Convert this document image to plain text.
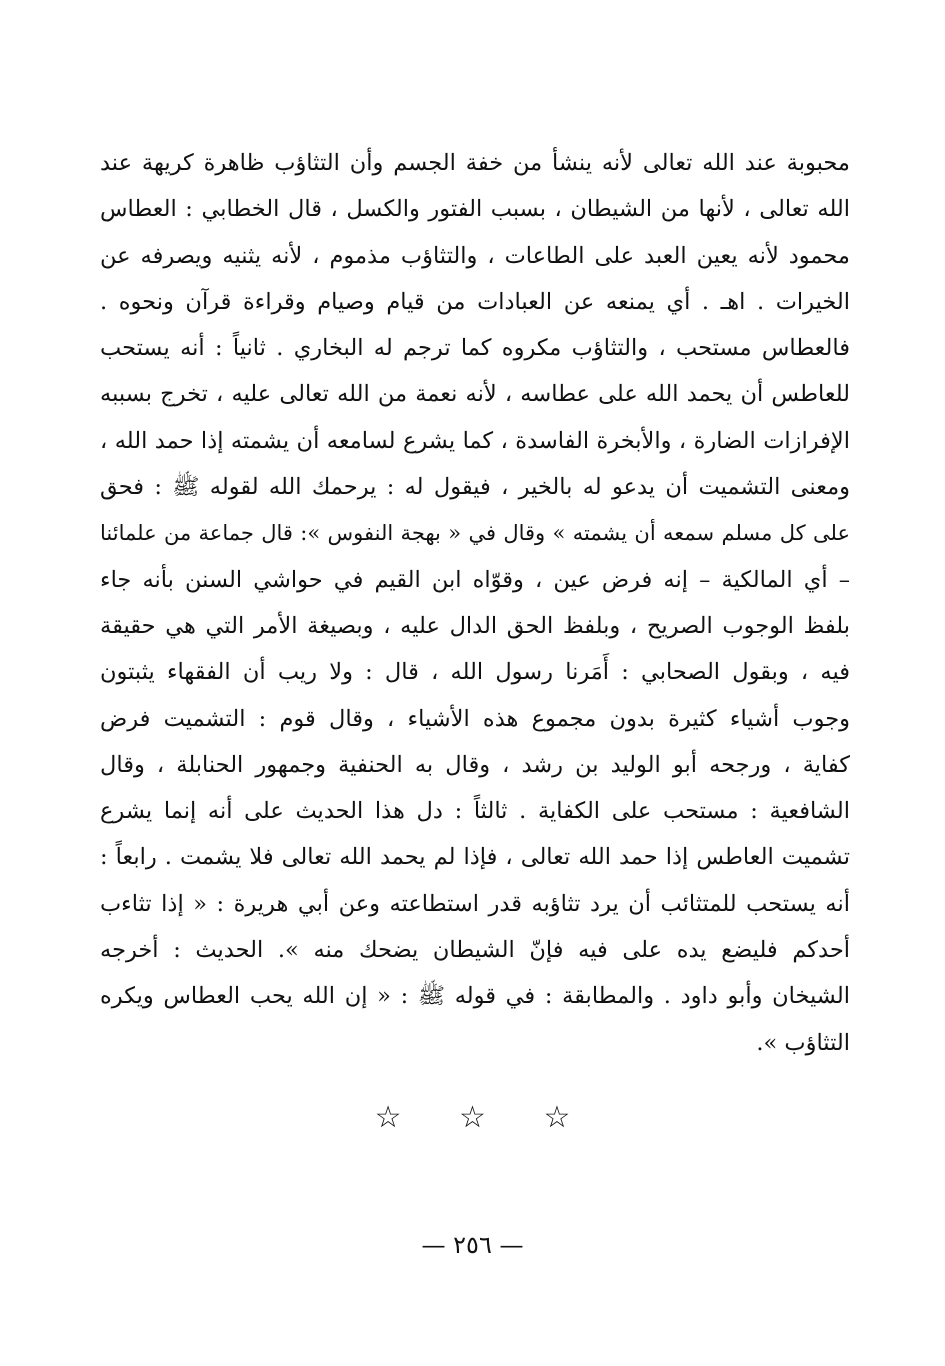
محبوبة عند الله تعالى لأنه ينشأ من خفة الجسم وأن التثاؤب ظاهرة كريهة عند
الله تعالى ، لأنها من الشيطان ، بسبب الفتور والكسل ، قال الخطابي : العطاس
محمود لأنه يعين العبد على الطاعات ، والتثاؤب مذموم ، لأنه يثنيه ويصرفه عن
الخيرات . اهـ . أي يمنعه عن العبادات من قيام وصيام وقراءة قرآن ونحوه .
فالعطاس مستحب ، والتثاؤب مكروه كما ترجم له البخاري . ثانياً : أنه يستحب
للعاطس أن يحمد الله على عطاسه ، لأنه نعمة من الله تعالى عليه ، تخرج بسببه
الإفرازات الضارة ، والأبخرة الفاسدة ، كما يشرع لسامعه أن يشمته إذا حمد الله ،
ومعنى التشميت أن يدعو له بالخير ، فيقول له : يرحمك الله لقوله ﷺ : فحق
على كل مسلم سمعه أن يشمته » وقال في « بهجة النفوس »: قال جماعة من علمائنا
– أي المالكية – إنه فرض عين ، وقوّاه ابن القيم في حواشي السنن بأنه جاء
بلفظ الوجوب الصريح ، وبلفظ الحق الدال عليه ، وبصيغة الأمر التي هي حقيقة
فيه ، وبقول الصحابي : أَمَرنا رسول الله ، قال : ولا ريب أن الفقهاء يثبتون
وجوب أشياء كثيرة بدون مجموع هذه الأشياء ، وقال قوم : التشميت فرض
كفاية ، ورجحه أبو الوليد بن رشد ، وقال به الحنفية وجمهور الحنابلة ، وقال
الشافعية : مستحب على الكفاية . ثالثاً : دل هذا الحديث على أنه إنما يشرع
تشميت العاطس إذا حمد الله تعالى ، فإذا لم يحمد الله تعالى فلا يشمت . رابعاً :
أنه يستحب للمتثائب أن يرد تثاؤبه قدر استطاعته وعن أبي هريرة : « إذا تثاءب
أحدكم فليضع يده على فيه فإنّ الشيطان يضحك منه ». الحديث : أخرجه
الشيخان وأبو داود . والمطابقة : في قوله ﷺ : « إن الله يحب العطاس ويكره
التثاؤب ».
☆ ☆ ☆
— ٢٥٦ —
